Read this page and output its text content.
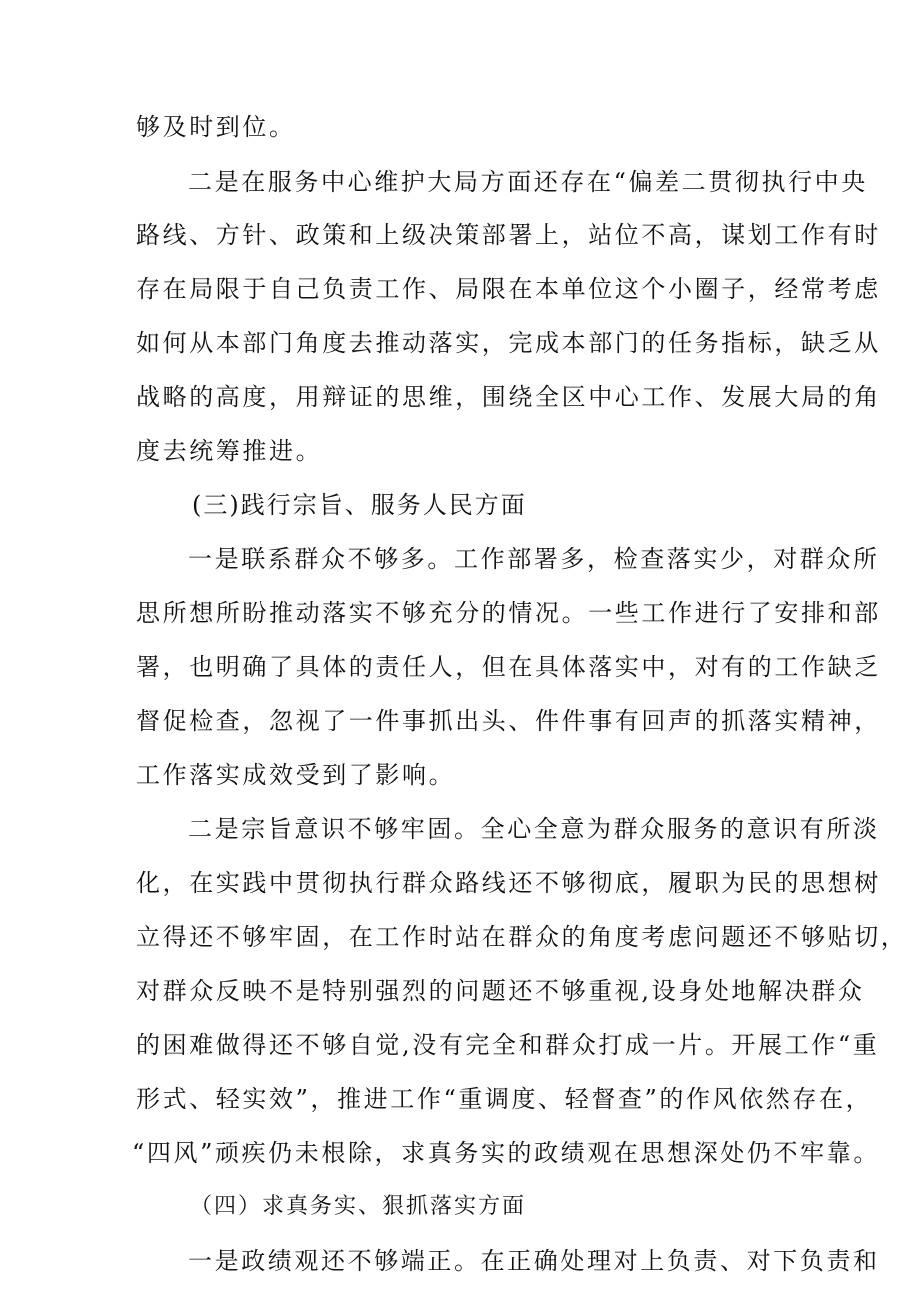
够及时到位。
二是在服务中心维护大局方面还存在“偏差二贯彻执行中央
路线、方针、政策和上级决策部署上，站位不高，谋划工作有时
存在局限于自己负责工作、局限在本单位这个小圈子，经常考虑
如何从本部门角度去推动落实，完成本部门的任务指标，缺乏从
战略的高度，用辩证的思维，围绕全区中心工作、发展大局的角
度去统筹推进。
(三)践行宗旨、服务人民方面
一是联系群众不够多。工作部署多，检查落实少，对群众所
思所想所盼推动落实不够充分的情况。一些工作进行了安排和部
署，也明确了具体的责任人，但在具体落实中，对有的工作缺乏
督促检查，忽视了一件事抓出头、件件事有回声的抓落实精神，
工作落实成效受到了影响。
二是宗旨意识不够牢固。全心全意为群众服务的意识有所淡
化，在实践中贯彻执行群众路线还不够彻底，履职为民的思想树
立得还不够牢固，在工作时站在群众的角度考虑问题还不够贴切，
对群众反映不是特别强烈的问题还不够重视,设身处地解决群众
的困难做得还不够自觉,没有完全和群众打成一片。开展工作“重
形式、轻实效”，推进工作“重调度、轻督查”的作风依然存在，
“四风”顽疾仍未根除，求真务实的政绩观在思想深处仍不牢靠。
（四）求真务实、狠抓落实方面
一是政绩观还不够端正。在正确处理对上负责、对下负责和
